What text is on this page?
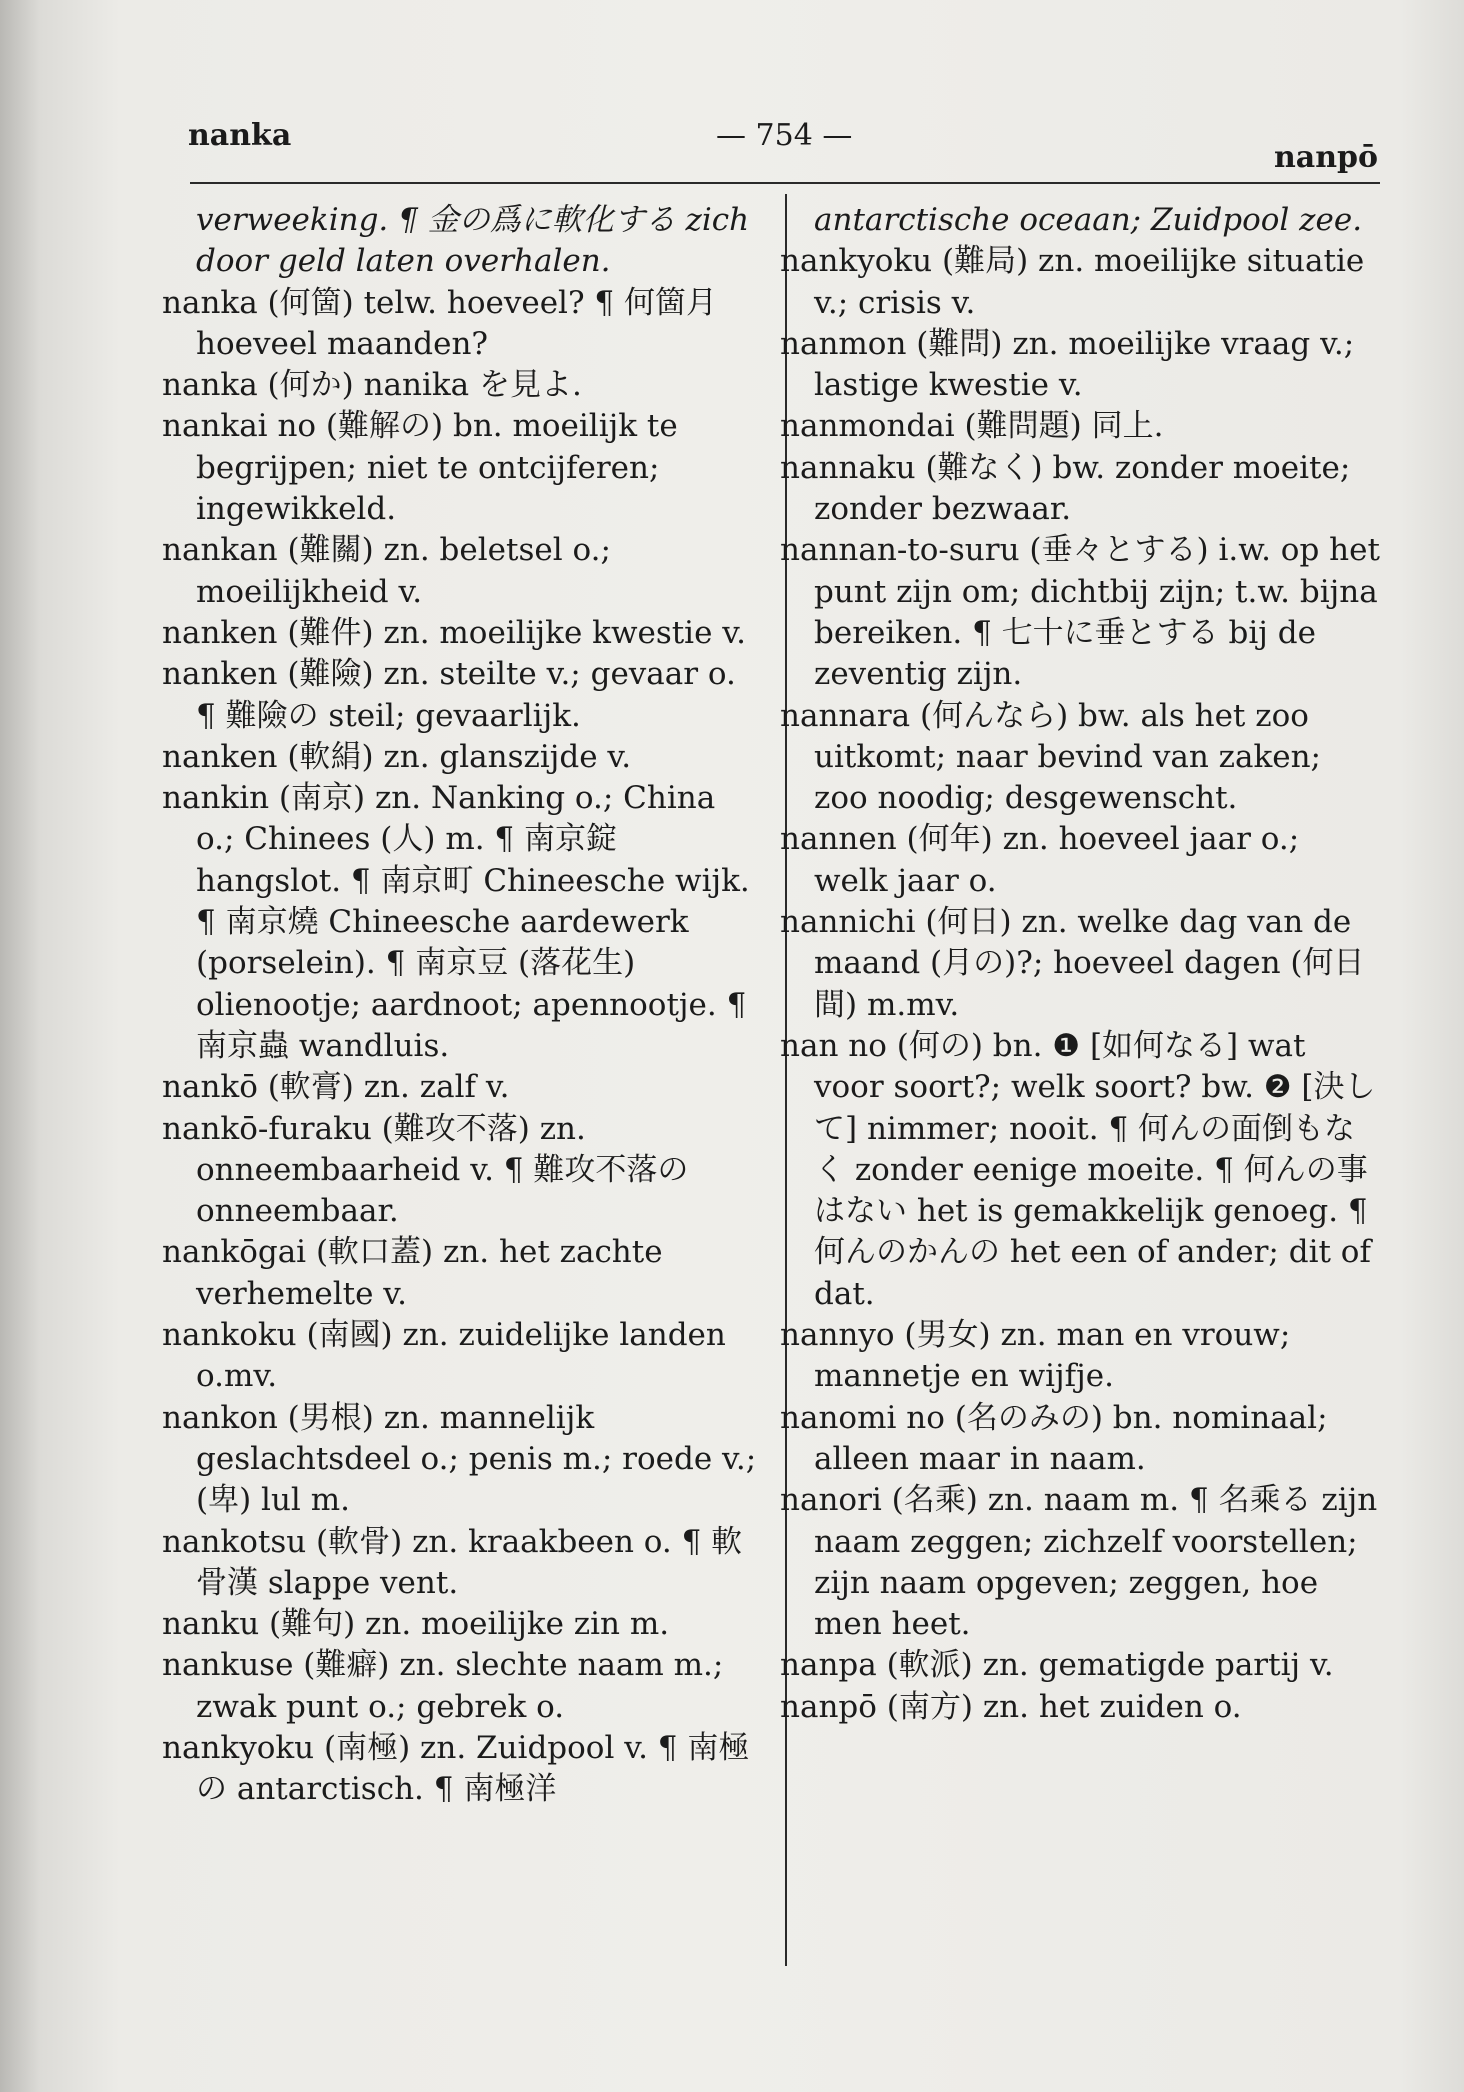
nanka	— 754 —
nanpō
verweeking. ¶ 金の爲に軟化する zich door geld laten overhalen.
nanka (何箇) telw. hoeveel? ¶ 何箇月 hoeveel maanden?
nanka (何か) nanika を見よ.
nankai no (難解の) bn. moeilijk te begrijpen; niet te ontcijferen; ingewikkeld.
nankan (難關) zn. beletsel o.; moeilijkheid v.
nanken (難件) zn. moeilijke kwestie v.
nanken (難險) zn. steilte v.; gevaar o. ¶ 難險の steil; gevaarlijk.
nanken (軟絹) zn. glanszijde v.
nankin (南京) zn. Nanking o.; China o.; Chinees (人) m. ¶ 南京錠 hangslot. ¶ 南京町 Chineesche wijk. ¶ 南京燒 Chineesche aardewerk (porselein). ¶ 南京豆 (落花生) olienootje; aardnoot; apennootje. ¶ 南京蟲 wandluis.
nankō (軟膏) zn. zalf v.
nankō-furaku (難攻不落) zn. onneembaarheid v. ¶ 難攻不落の onneembaar.
nankōgai (軟口蓋) zn. het zachte verhemelte v.
nankoku (南國) zn. zuidelijke landen o.mv.
nankon (男根) zn. mannelijk geslachtsdeel o.; penis m.; roede v.; (卑) lul m.
nankotsu (軟骨) zn. kraakbeen o. ¶ 軟骨漢 slappe vent.
nanku (難句) zn. moeilijke zin m.
nankuse (難癖) zn. slechte naam m.; zwak punt o.; gebrek o.
nankyoku (南極) zn. Zuidpool v. ¶ 南極の antarctisch. ¶ 南極洋
antarctische oceaan; Zuidpool zee.
nankyoku (難局) zn. moeilijke situatie v.; crisis v.
nanmon (難問) zn. moeilijke vraag v.; lastige kwestie v.
nanmondai (難問題) 同上.
nannaku (難なく) bw. zonder moeite; zonder bezwaar.
nannan-to-suru (垂々とする) i.w. op het punt zijn om; dichtbij zijn; t.w. bijna bereiken. ¶ 七十に垂とする bij de zeventig zijn.
nannara (何んなら) bw. als het zoo uitkomt; naar bevind van zaken; zoo noodig; desgewenscht.
nannen (何年) zn. hoeveel jaar o.; welk jaar o.
nannichi (何日) zn. welke dag van de maand (月の)?; hoeveel dagen (何日間) m.mv.
nan no (何の) bn. ❶ [如何なる] wat voor soort?; welk soort? bw. ❷ [決して] nimmer; nooit. ¶ 何んの面倒もなく zonder eenige moeite. ¶ 何んの事はない het is gemakkelijk genoeg. ¶ 何んのかんの het een of ander; dit of dat.
nannyo (男女) zn. man en vrouw; mannetje en wijfje.
nanomi no (名のみの) bn. nominaal; alleen maar in naam.
nanori (名乘) zn. naam m. ¶ 名乘る zijn naam zeggen; zichzelf voorstellen; zijn naam opgeven; zeggen, hoe men heet.
nanpa (軟派) zn. gematigde partij v.
nanpō (南方) zn. het zuiden o.
